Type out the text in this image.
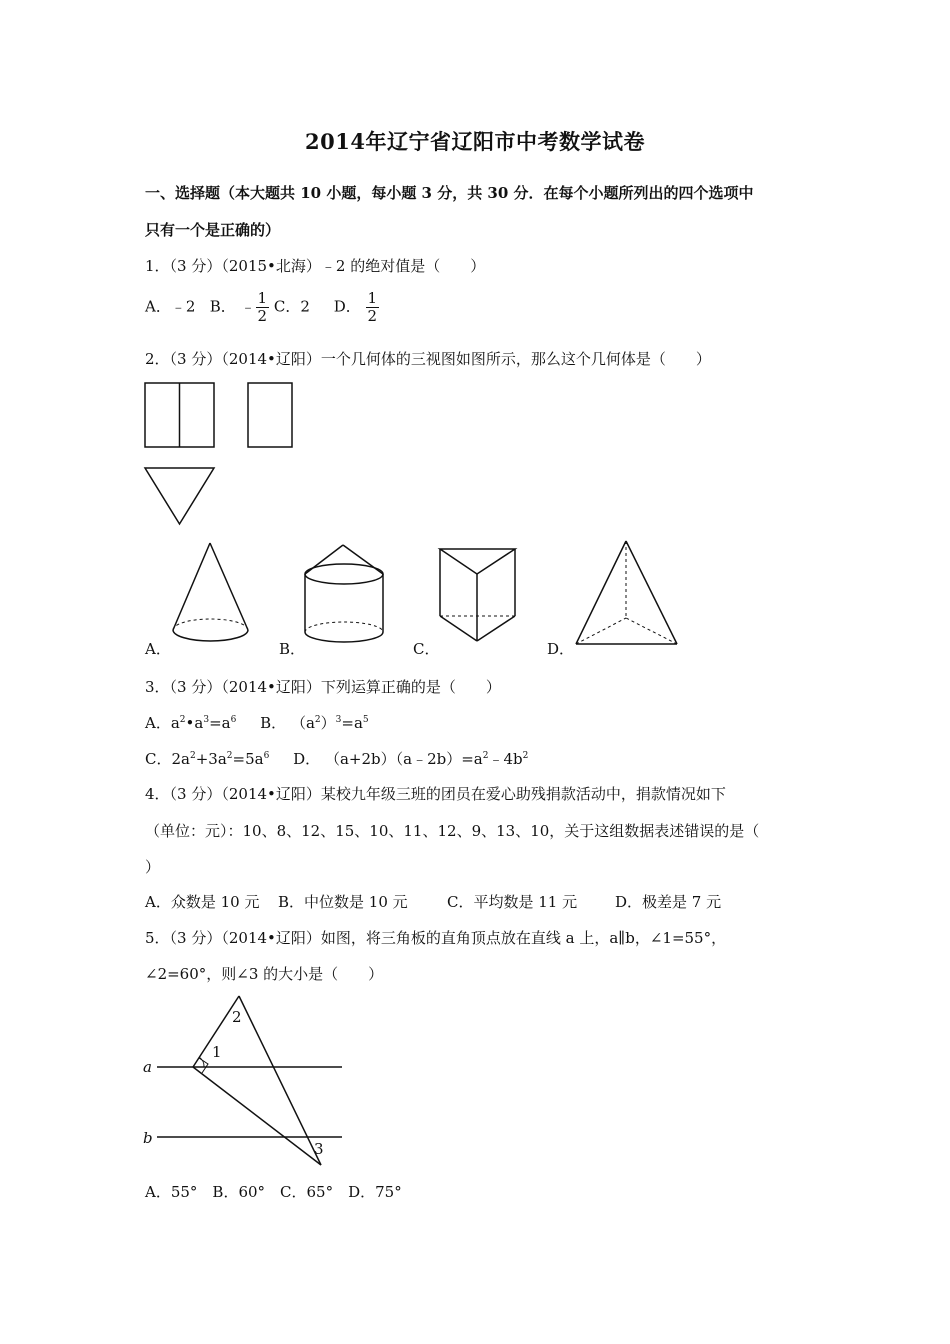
2014年辽宁省辽阳市中考数学试卷
一、选择题（本大题共 10 小题，每小题 3 分，共 30 分．在每个小题所列出的四个选项中
只有一个是正确的）
1．（3 分）（2015•北海）﹣2 的绝对值是（　　）
A．﹣2 B． ﹣ $\frac{1}{2}$ C．2 D． $\frac{1}{2}$
2．（3 分）（2014•辽阳）一个几何体的三视图如图所示，那么这个几何体是（　　）
A．	B．	C．	D．
3．（3 分）（2014•辽阳）下列运算正确的是（　　）
A．$a^2•a^3=a^6$ B． $(a^2)^3=a^5$
C．$2a^2+3a^2=5a^6$ D． $(a+2b)(a﹣2b)=a^2﹣4b^2$
4．（3 分）（2014•辽阳）某校九年级三班的团员在爱心助残捐款活动中，捐款情况如下
（单位：元）：10、8、12、15、10、11、12、9、13、10，关于这组数据表述错误的是（
）
A．众数是 10 元 B．中位数是 10 元	C．平均数是 11 元	D．极差是 7 元
5．（3 分）（2014•辽阳）如图，将三角板的直角顶点放在直线 a 上，a∥b，∠1=55°，
∠2=60°，则∠3 的大小是（　　）
a
b
1
2
3
A．55°　B．60°　C．65°　D．75°
